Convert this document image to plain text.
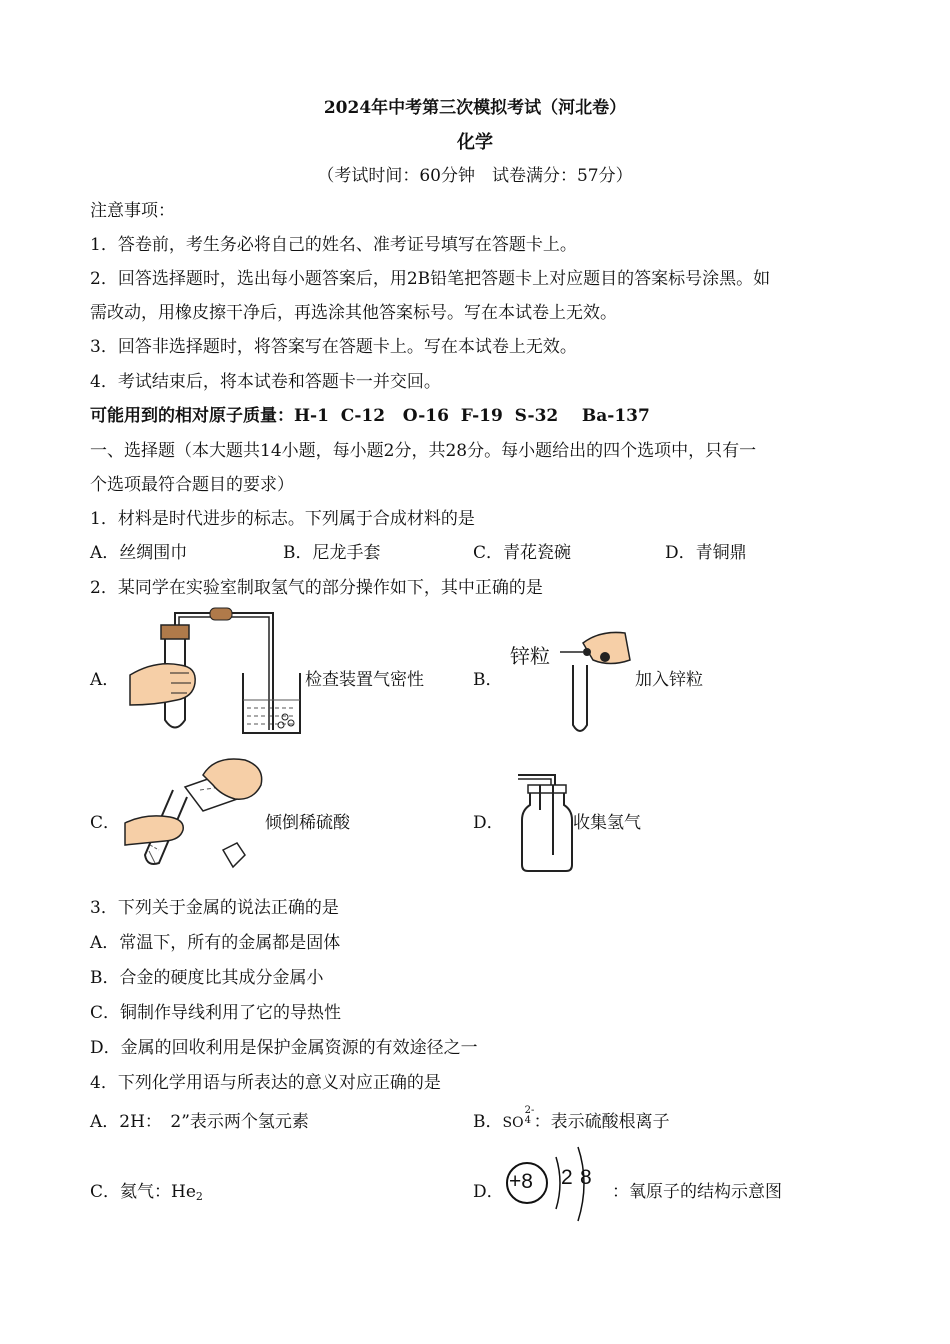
2024年中考第三次模拟考试（河北卷）
化学
（考试时间：60分钟　试卷满分：57分）
注意事项：
1．答卷前，考生务必将自己的姓名、准考证号填写在答题卡上。
2．回答选择题时，选出每小题答案后，用2B铅笔把答题卡上对应题目的答案标号涂黑。如
需改动，用橡皮擦干净后，再选涂其他答案标号。写在本试卷上无效。
3．回答非选择题时，将答案写在答题卡上。写在本试卷上无效。
4．考试结束后，将本试卷和答题卡一并交回。
可能用到的相对原子质量：H-1  C-12   O-16  F-19  S-32    Ba-137
一、选择题（本大题共14小题，每小题2分，共28分。每小题给出的四个选项中，只有一
个选项最符合题目的要求）
1．材料是时代进步的标志。下列属于合成材料的是
A．丝绸围巾	B．尼龙手套	C．青花瓷碗	D．青铜鼎
2．某同学在实验室制取氢气的部分操作如下，其中正确的是
A．	检查装置气密性	B．
锌粒
加入锌粒
C．	倾倒稀硫酸	D．	收集氢气
3．下列关于金属的说法正确的是
A．常温下，所有的金属都是固体
B．合金的硬度比其成分金属小
C．铜制作导线利用了它的导热性
D．金属的回收利用是保护金属资源的有效途径之一
4．下列化学用语与所表达的意义对应正确的是
A．2H：　2”表示两个氢元素	B．SO
2-
4 ：表示硫酸根离子
C．氦气：He2	D． +8 2 8
：氧原子的结构示意图
